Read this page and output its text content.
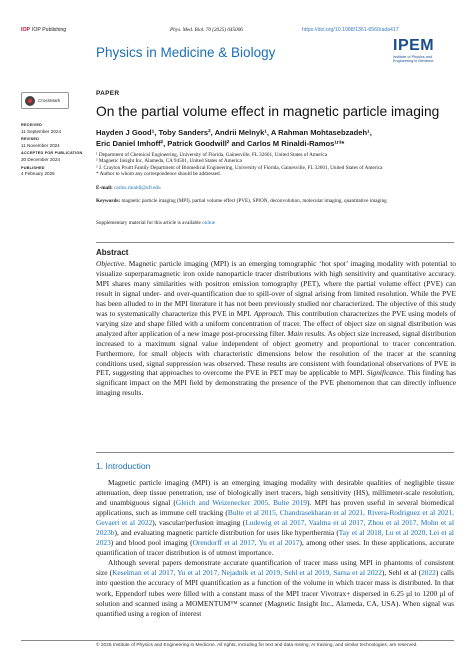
IOP IOP Publishing	Phys. Med. Biol. 70 (2025) 045006	https://doi.org/10.1088/1361-6560/ada417
Physics in Medicine & Biology	IPEM
Institute of Physics and Engineering in Medicine
CrossMark
RECEIVED
11 September 2024
REVISED
11 November 2024
ACCEPTED FOR PUBLICATION
30 December 2024
PUBLISHED
4 February 2025
PAPER
On the partial volume effect in magnetic particle imaging
Hayden J Good¹, Toby Sanders², Andrii Melnyk¹, A Rahman Mohtasebzadeh¹,
Eric Daniel Imhoff², Patrick Goodwill² and Carlos M Rinaldi-Ramos¹ʳ³*
¹ Department of Chemical Engineering, University of Florida, Gainesville, FL 32601, United States of America
² Magnetic Insight Inc, Alameda, CA 94501, United States of America
³ J. Crayton Pruitt Family Department of Biomedical Engineering, University of Florida, Gainesville, FL 32601, United States of America
* Author to whom any correspondence should be addressed.
E-mail: carlos.rinaldi@ufl.edu
Keywords: magnetic particle imaging (MPI), partial volume effect (PVE), SPION, deconvolution, molecular imaging, quantitative imaging
Supplementary material for this article is available online
Abstract
Objective. Magnetic particle imaging (MPI) is an emerging tomographic ‘hot spot’ imaging modality with potential to visualize superparamagnetic iron oxide nanoparticle tracer distributions with high sensitivity and quantitative accuracy. MPI shares many similarities with positron emission tomography (PET), where the partial volume effect (PVE) can result in signal under- and over-quantification due to spill-over of signal arising from limited resolution. While the PVE has been alluded to in the MPI literature it has not been previously studied nor characterized. The objective of this study was to systematically characterize this PVE in MPI. Approach. This contribution characterizes the PVE using models of varying size and shape filled with a uniform concentration of tracer. The effect of object size on signal distribution was analyzed after application of a new image post-processing filter. Main results. As object size increased, signal distribution increased to a maximum signal value independent of object geometry and proportional to tracer concentration. Furthermore, for small objects with characteristic dimensions below the resolution of the tracer at the scanning conditions used, signal suppression was observed. These results are consistent with foundational observations of PVE in PET, suggesting that approaches to overcome the PVE in PET may be applicable to MPI. Significance. This finding has significant impact on the MPI field by demonstrating the presence of the PVE phenomenon that can directly influence imaging results.
1. Introduction
Magnetic particle imaging (MPI) is an emerging imaging modality with desirable qualities of negligible tissue attenuation, deep tissue penetration, use of biologically inert tracers, high sensitivity (HS), millimeter-scale resolution, and unambiguous signal (Gleich and Weizenecker 2005, Bulte 2019). MPI has proven useful in several biomedical applications, such as immune cell tracking (Bulte et al 2015, Chandrasekharan et al 2021, Rivera-Rodriguez et al 2021, Gevaert et al 2022), vascular/perfusion imaging (Ludewig et al 2017, Vaalma et al 2017, Zhou et al 2017, Mohn et al 2023b), and evaluating magnetic particle distribution for uses like hyperthermia (Tay et al 2018, Lu et al 2020, Lei et al 2023) and blood pool imaging (Orendorff et al 2017, Yu et al 2017), among other uses. In these applications, accurate quantification of tracer distribution is of utmost importance.
Although several papers demonstrate accurate quantification of tracer mass using MPI in phantoms of consistent size (Keselman et al 2017, Yu et al 2017, Nejadnik et al 2019, Sehl et al 2019, Sarna et al 2022), Sehl et al (2022) calls into question the accuracy of MPI quantification as a function of the volume in which tracer mass is distributed. In that work, Eppendorf tubes were filled with a constant mass of the MPI tracer Vivotrax+ dispersed in 6.25 μl to 1200 μl of solution and scanned using a MOMENTUM™ scanner (Magnetic Insight Inc., Alameda, CA, USA). When signal was quantified using a region of interest
© 2025 Institute of Physics and Engineering in Medicine. All rights, including for text and data mining, AI training, and similar technologies, are reserved.
